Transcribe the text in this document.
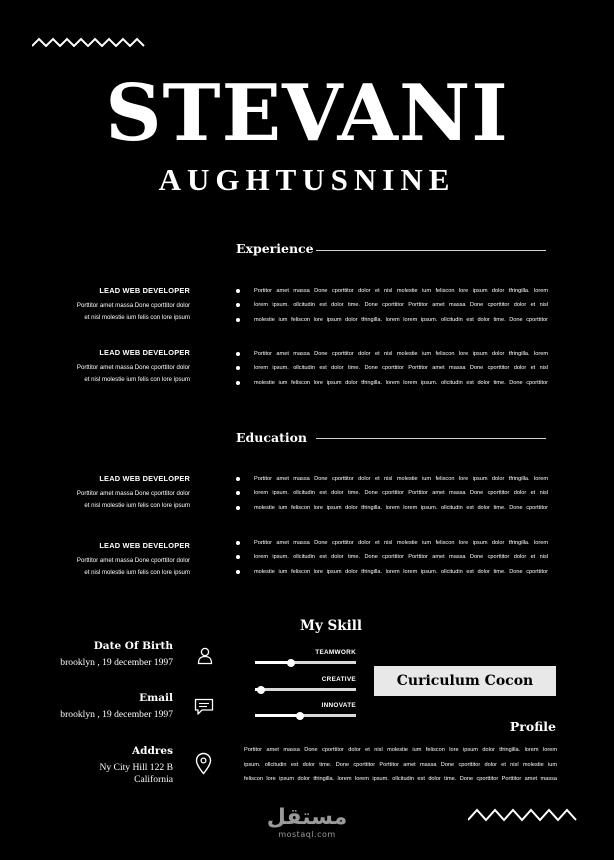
STEVANI
AUGHTUSNINE
Experience
LEAD WEB DEVELOPER
Porttitor amet massa Done cporttitor dolor
et nisl molestie ium felis con lore ipsum
Portitor amet massa Done cporttitor dolor et nisl molestie ium feliscon lore ipsum dolor tfringilla. lorem
lorem ipsum. ollcitudin est dolor time. Done cporttitor Porttitor amet massa Done cporttitor dolor et nisl
molestie ium feliscon lore ipsum dolor tfringilla. lorem lorem ipsum. ollcitudin est dolor time. Done cporttitor
LEAD WEB DEVELOPER
Porttitor amet massa Done cporttitor dolor
et nisl molestie ium felis con lore ipsum
Portitor amet massa Done cporttitor dolor et nisl molestie ium feliscon lore ipsum dolor tfringilla. lorem
lorem ipsum. ollcitudin est dolor time. Done cporttitor Porttitor amet massa Done cporttitor dolor et nisl
molestie ium feliscon lore ipsum dolor tfringilla. lorem lorem ipsum. ollcitudin est dolor time. Done cporttitor
Education
LEAD WEB DEVELOPER
Porttitor amet massa Done cporttitor dolor
et nisl molestie ium felis con lore ipsum
Portitor amet massa Done cporttitor dolor et nisl molestie ium feliscon lore ipsum dolor tfringilla. lorem
lorem ipsum. ollcitudin est dolor time. Done cporttitor Porttitor amet massa Done cporttitor dolor et nisl
molestie ium feliscon lore ipsum dolor tfringilla. lorem lorem ipsum. ollcitudin est dolor time. Done cporttitor
LEAD WEB DEVELOPER
Porttitor amet massa Done cporttitor dolor
et nisl molestie ium felis con lore ipsum
Portitor amet massa Done cporttitor dolor et nisl molestie ium feliscon lore ipsum dolor tfringilla. lorem
lorem ipsum. ollcitudin est dolor time. Done cporttitor Porttitor amet massa Done cporttitor dolor et nisl
molestie ium feliscon lore ipsum dolor tfringilla. lorem lorem ipsum. ollcitudin est dolor time. Done cporttitor
Date Of Birth
brooklyn , 19 december 1997
Email
brooklyn , 19 december 1997
Addres
Ny City Hill 122 B
California
My Skill
TEAMWORK
CREATIVE
INNOVATE
Curiculum Cocon
Profile
Portitor amet massa Done cporttitor dolor et nisl molestie ium feliscon lore ipsum dolor tfringilla. lorem lorem
ipsum. ollcitudin est dolor time. Done cporttitor Porttitor amet massa Done cporttitor dolor et nisl molestie ium
feliscon lore ipsum dolor tfringilla. lorem lorem ipsum. ollcitudin est dolor time. Done cporttitor Porttitor amet massa
مستقل
mostaql.com
